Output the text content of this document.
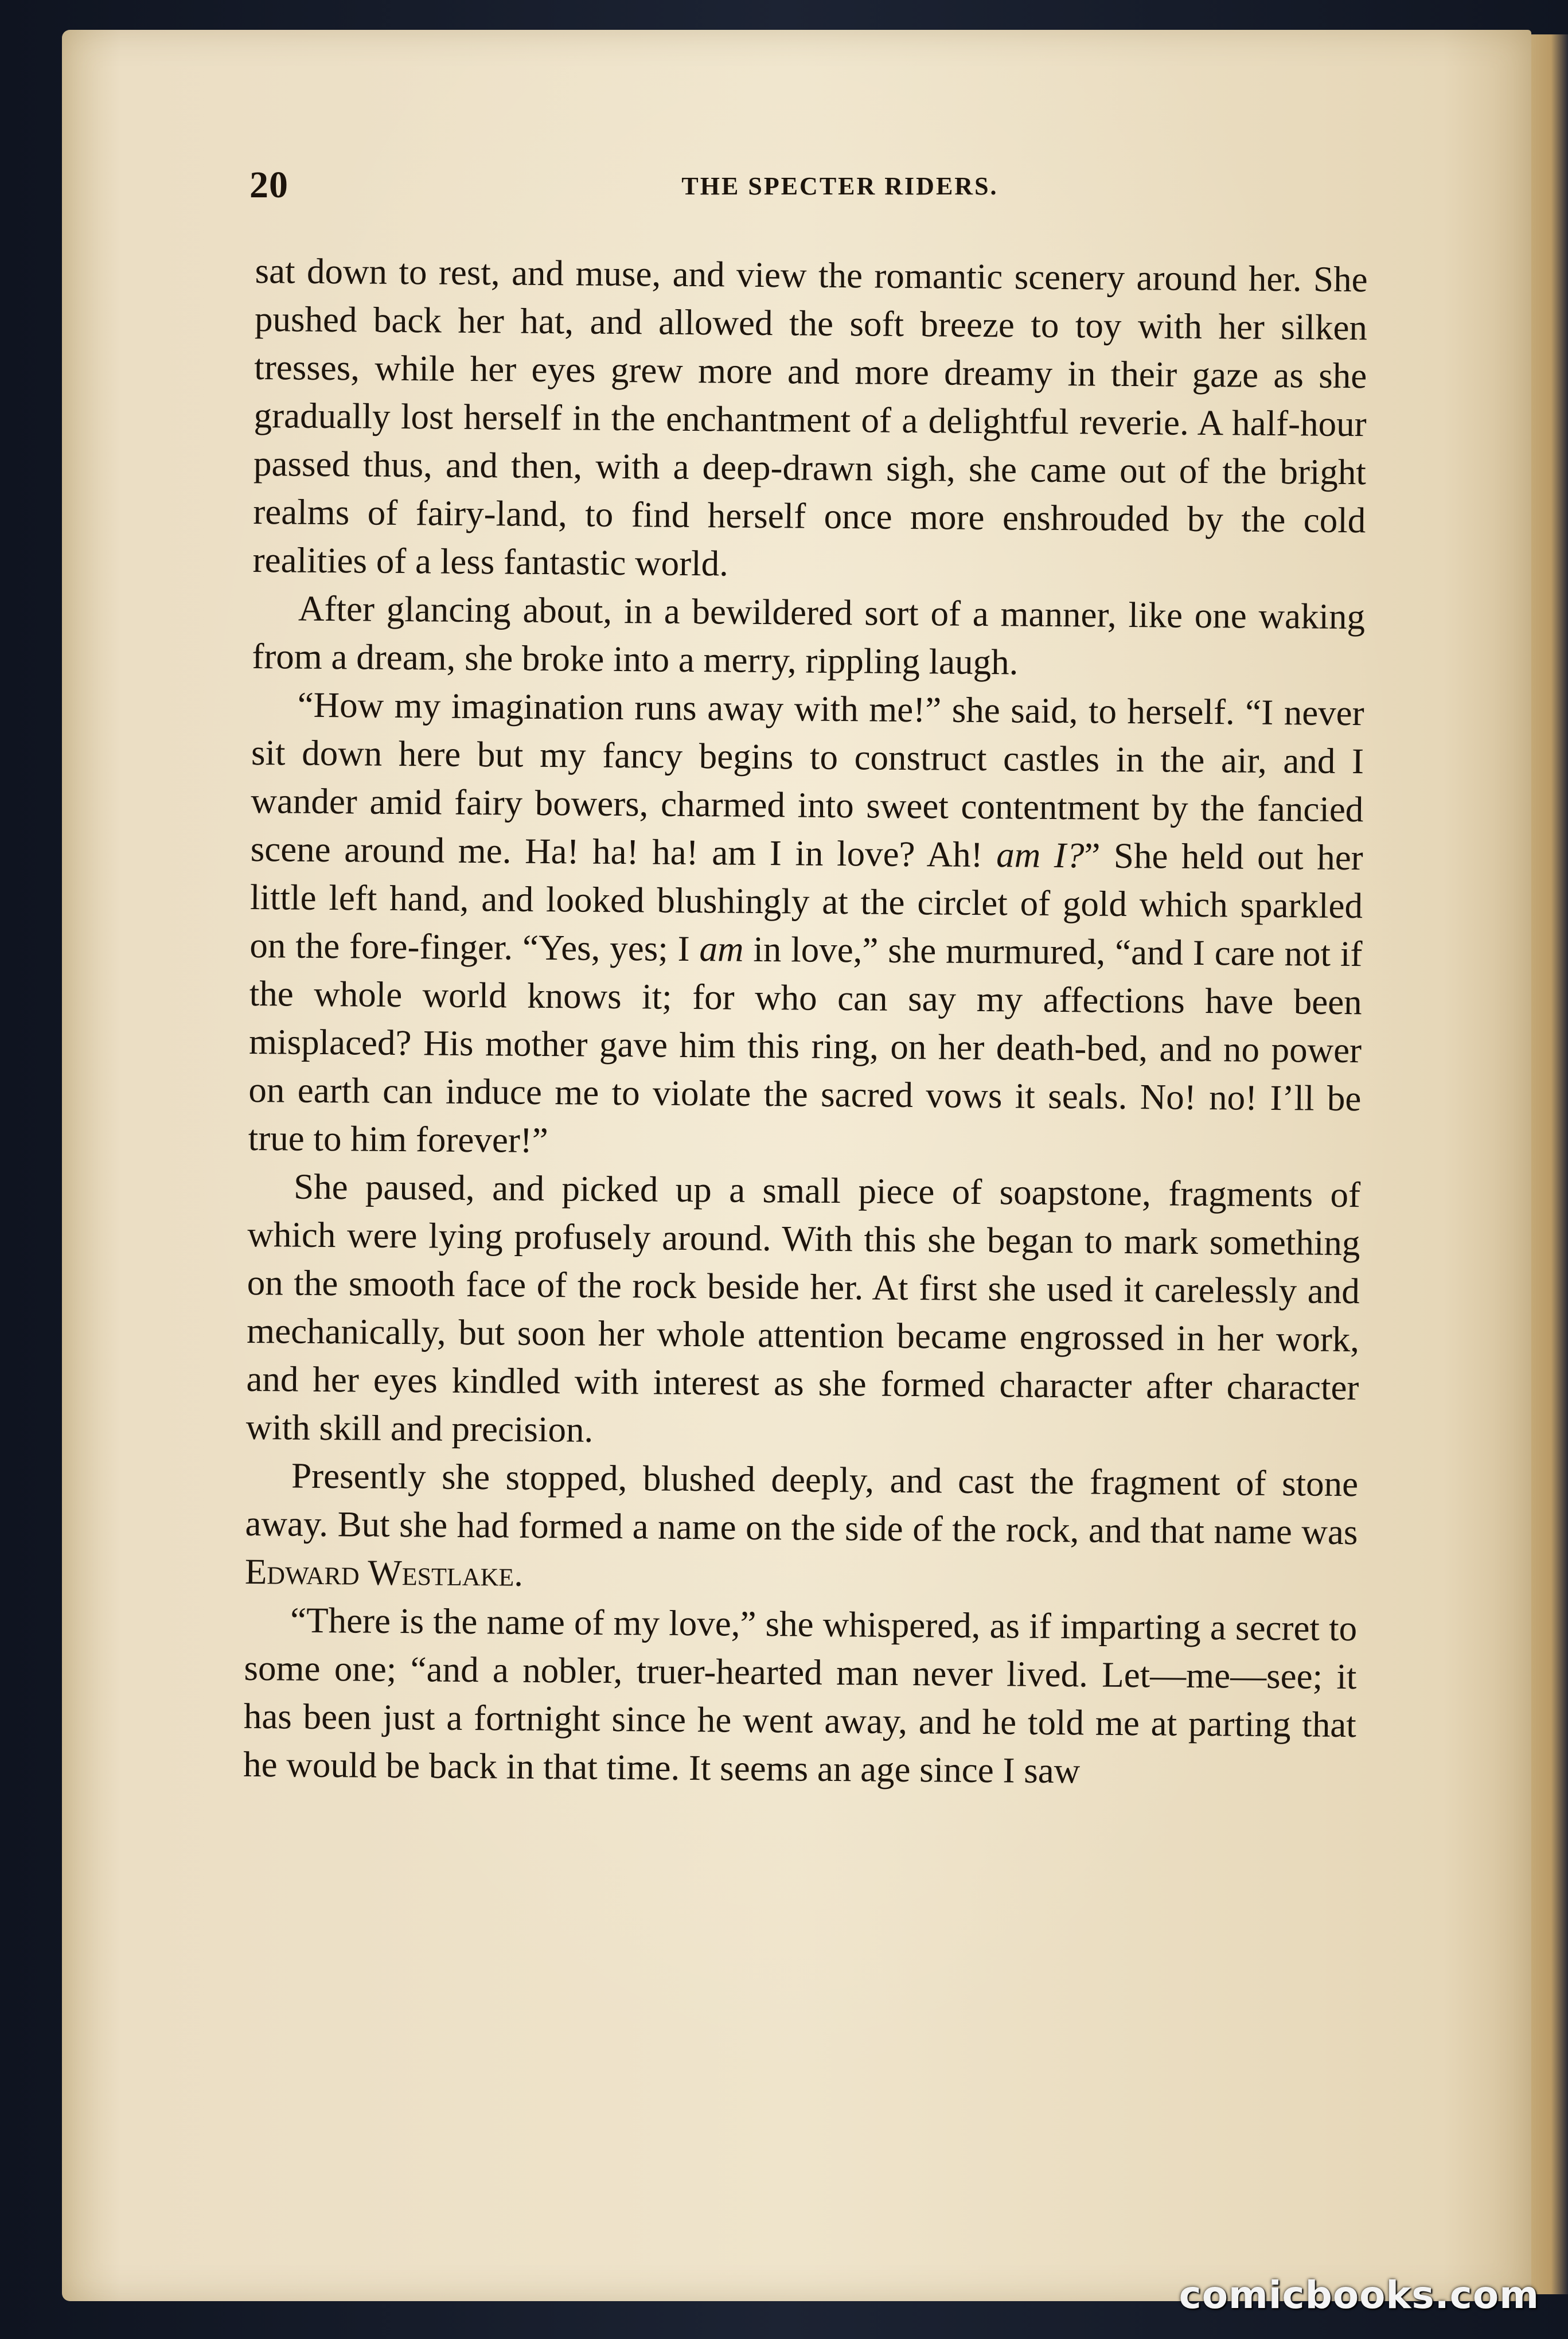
20	THE SPECTER RIDERS.

sat down to rest, and muse, and view the romantic scenery around her. She pushed back her hat, and allowed the soft breeze to toy with her silken tresses, while her eyes grew more and more dreamy in their gaze as she gradually lost herself in the enchantment of a delightful reverie. A half-hour passed thus, and then, with a deep-drawn sigh, she came out of the bright realms of fairy-land, to find herself once more enshrouded by the cold realities of a less fantastic world.

After glancing about, in a bewildered sort of a manner, like one waking from a dream, she broke into a merry, rippling laugh.

“How my imagination runs away with me!” she said, to herself. “I never sit down here but my fancy begins to construct castles in the air, and I wander amid fairy bowers, charmed into sweet contentment by the fancied scene around me. Ha! ha! ha! am I in love? Ah! am I?” She held out her little left hand, and looked blushingly at the circlet of gold which sparkled on the fore-finger. “Yes, yes; I am in love,” she murmured, “and I care not if the whole world knows it; for who can say my affections have been misplaced? His mother gave him this ring, on her death-bed, and no power on earth can induce me to violate the sacred vows it seals. No! no! I’ll be true to him forever!”

She paused, and picked up a small piece of soapstone, fragments of which were lying profusely around. With this she began to mark something on the smooth face of the rock beside her. At first she used it carelessly and mechanically, but soon her whole attention became engrossed in her work, and her eyes kindled with interest as she formed character after character with skill and precision.

Presently she stopped, blushed deeply, and cast the fragment of stone away. But she had formed a name on the side of the rock, and that name was Edward Westlake.

“There is the name of my love,” she whispered, as if imparting a secret to some one; “and a nobler, truer-hearted man never lived. Let—me—see; it has been just a fortnight since he went away, and he told me at parting that he would be back in that time. It seems an age since I saw

comicbooks.com
